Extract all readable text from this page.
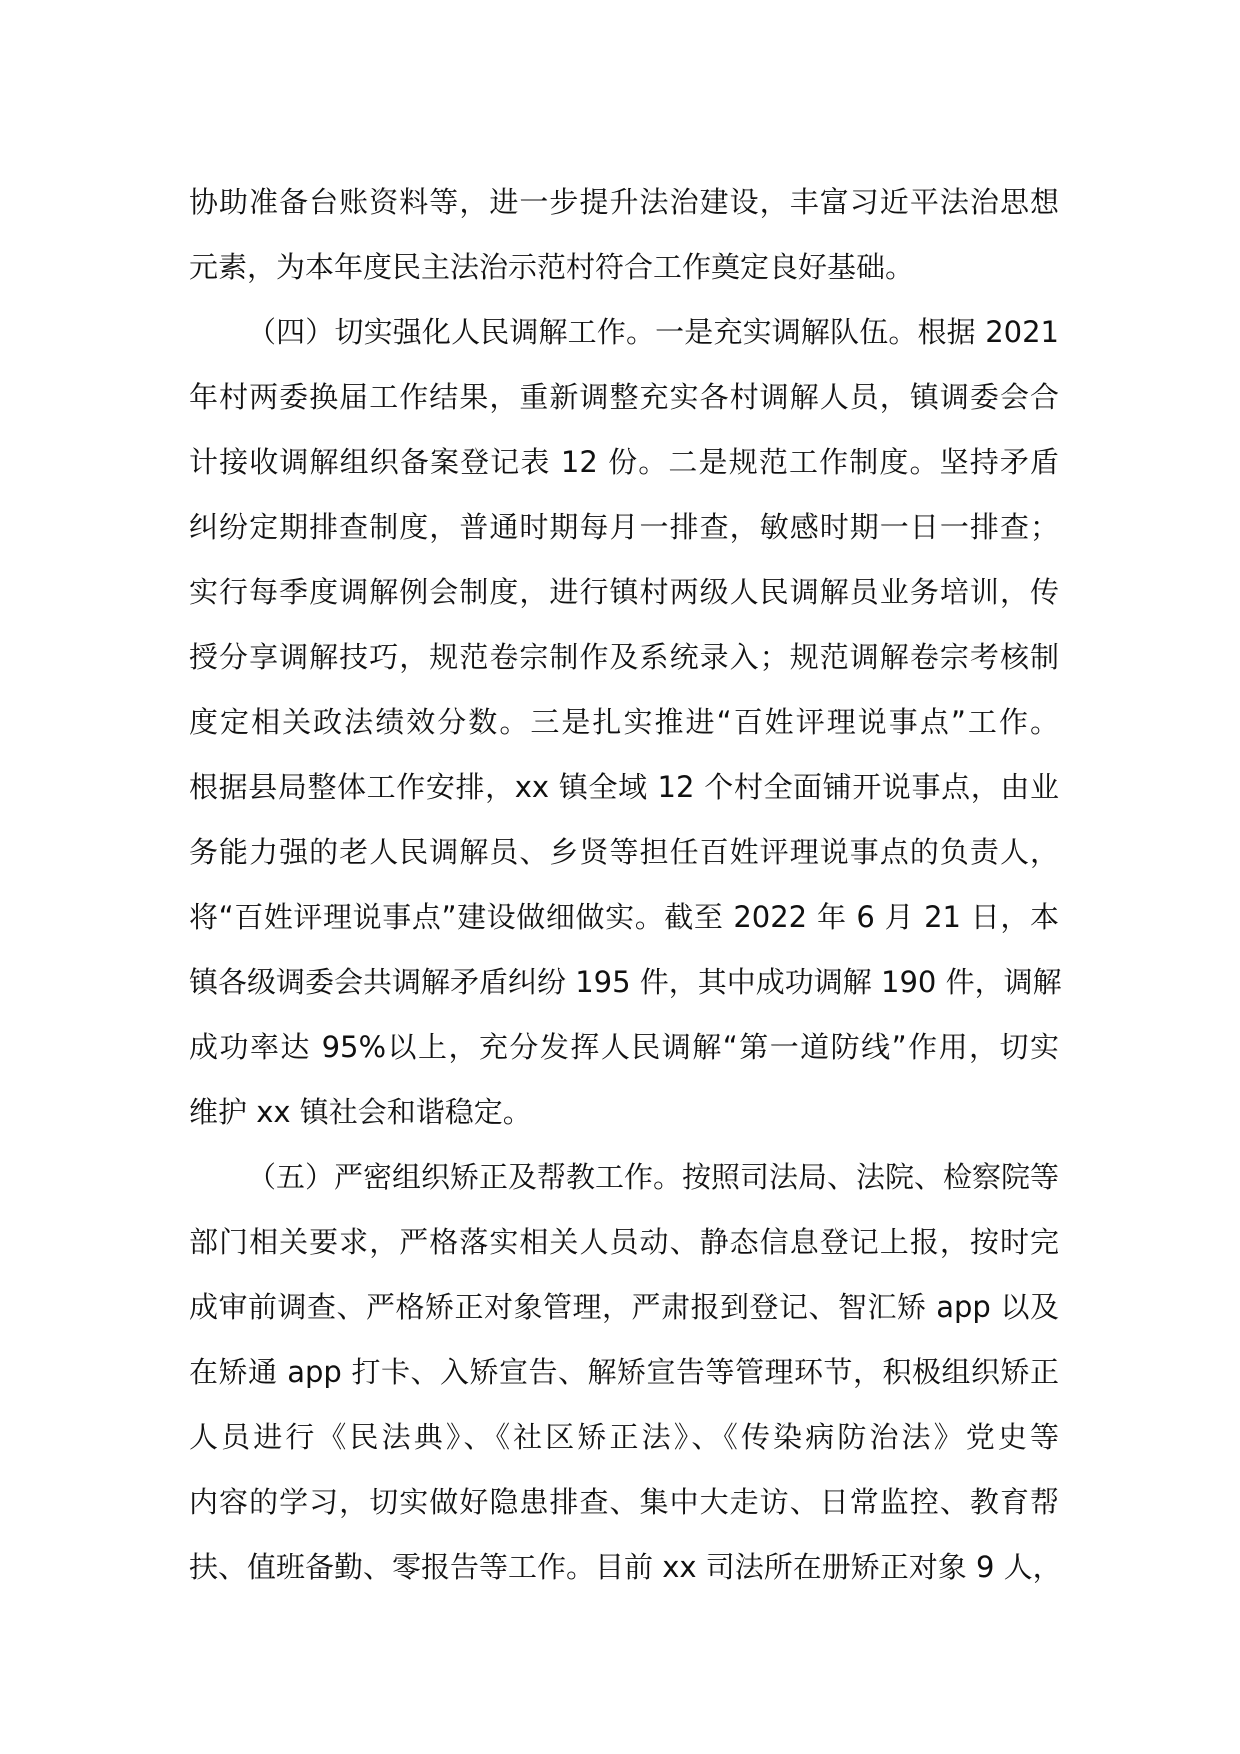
协助准备台账资料等，进一步提升法治建设，丰富习近平法治思想
元素，为本年度民主法治示范村符合工作奠定良好基础。
（四）切实强化人民调解工作。一是充实调解队伍。根据 2021
年村两委换届工作结果，重新调整充实各村调解人员，镇调委会合
计接收调解组织备案登记表 12 份。二是规范工作制度。坚持矛盾
纠纷定期排查制度，普通时期每月一排查，敏感时期一日一排查；
实行每季度调解例会制度，进行镇村两级人民调解员业务培训，传
授分享调解技巧，规范卷宗制作及系统录入；规范调解卷宗考核制
度定相关政法绩效分数。三是扎实推进“百姓评理说事点”工作。
根据县局整体工作安排，xx 镇全域 12 个村全面铺开说事点，由业
务能力强的老人民调解员、乡贤等担任百姓评理说事点的负责人，
将“百姓评理说事点”建设做细做实。截至 2022 年 6 月 21 日，本
镇各级调委会共调解矛盾纠纷 195 件，其中成功调解 190 件，调解
成功率达 95%以上，充分发挥人民调解“第一道防线”作用，切实
维护 xx 镇社会和谐稳定。
（五）严密组织矫正及帮教工作。按照司法局、法院、检察院等
部门相关要求，严格落实相关人员动、静态信息登记上报，按时完
成审前调查、严格矫正对象管理，严肃报到登记、智汇矫 app 以及
在矫通 app 打卡、入矫宣告、解矫宣告等管理环节，积极组织矫正
人员进行《民法典》、《社区矫正法》、《传染病防治法》党史等
内容的学习，切实做好隐患排查、集中大走访、日常监控、教育帮
扶、值班备勤、零报告等工作。目前 xx 司法所在册矫正对象 9 人，
